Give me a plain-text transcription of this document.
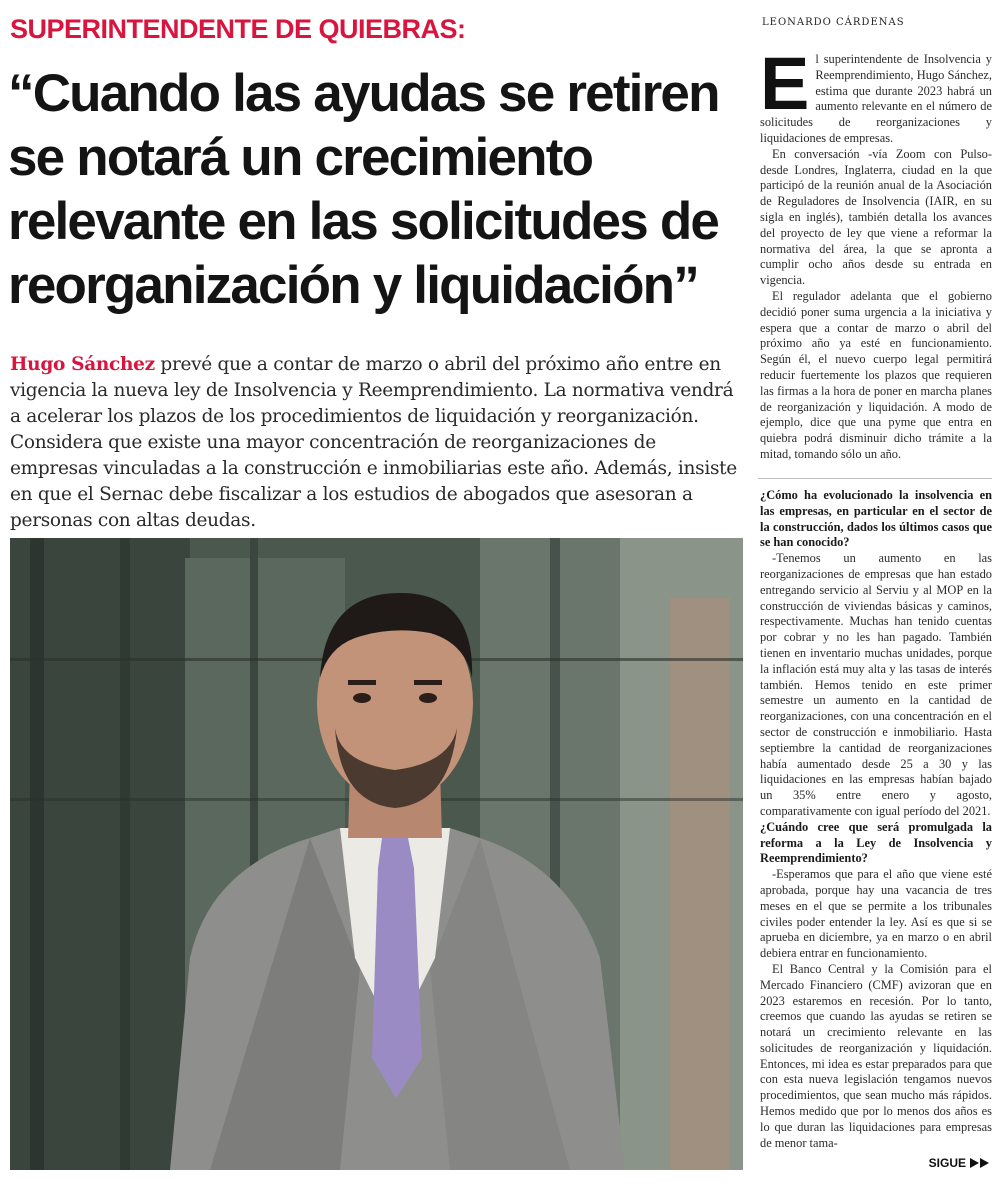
SUPERINTENDENTE DE QUIEBRAS:
“Cuando las ayudas se retiren se notará un crecimiento relevante en las solicitudes de reorganización y liquidación”

Hugo Sánchez prevé que a contar de marzo o abril del próximo año entre en vigencia la nueva ley de Insolvencia y Reemprendimiento. La normativa vendrá a acelerar los plazos de los procedimientos de liquidación y reorganización. Considera que existe una mayor concentración de reorganizaciones de empresas vinculadas a la construcción e inmobiliarias este año. Además, insiste en que el Sernac debe fiscalizar a los estudios de abogados que asesoran a personas con altas deudas.

LEONARDO CÁRDENAS

El superintendente de Insolvencia y Reemprendimiento, Hugo Sánchez, estima que durante 2023 habrá un aumento relevante en el número de solicitudes de reorganizaciones y liquidaciones de empresas.

En conversación -vía Zoom con Pulso- desde Londres, Inglaterra, ciudad en la que participó de la reunión anual de la Asociación de Reguladores de Insolvencia (IAIR, en su sigla en inglés), también detalla los avances del proyecto de ley que viene a reformar la normativa del área, la que se apronta a cumplir ocho años desde su entrada en vigencia.

El regulador adelanta que el gobierno decidió poner suma urgencia a la iniciativa y espera que a contar de marzo o abril del próximo año ya esté en funcionamiento. Según él, el nuevo cuerpo legal permitirá reducir fuertemente los plazos que requieren las firmas a la hora de poner en marcha planes de reorganización y liquidación. A modo de ejemplo, dice que una pyme que entra en quiebra podrá disminuir dicho trámite a la mitad, tomando sólo un año.

¿Cómo ha evolucionado la insolvencia en las empresas, en particular en el sector de la construcción, dados los últimos casos que se han conocido?

-Tenemos un aumento en las reorganizaciones de empresas que han estado entregando servicio al Serviu y al MOP en la construcción de viviendas básicas y caminos, respectivamente. Muchas han tenido cuentas por cobrar y no les han pagado. También tienen en inventario muchas unidades, porque la inflación está muy alta y las tasas de interés también. Hemos tenido en este primer semestre un aumento en la cantidad de reorganizaciones, con una concentración en el sector de construcción e inmobiliario. Hasta septiembre la cantidad de reorganizaciones había aumentado desde 25 a 30 y las liquidaciones en las empresas habían bajado un 35% entre enero y agosto, comparativamente con igual período del 2021.

¿Cuándo cree que será promulgada la reforma a la Ley de Insolvencia y Reemprendimiento?

-Esperamos que para el año que viene esté aprobada, porque hay una vacancia de tres meses en el que se permite a los tribunales civiles poder entender la ley. Así es que si se aprueba en diciembre, ya en marzo o en abril debiera entrar en funcionamiento.

El Banco Central y la Comisión para el Mercado Financiero (CMF) avizoran que en 2023 estaremos en recesión. Por lo tanto, creemos que cuando las ayudas se retiren se notará un crecimiento relevante en las solicitudes de reorganización y liquidación. Entonces, mi idea es estar preparados para que con esta nueva legislación tengamos nuevos procedimientos, que sean mucho más rápidos. Hemos medido que por lo menos dos años es lo que duran las liquidaciones para empresas de menor tama-

SIGUE
